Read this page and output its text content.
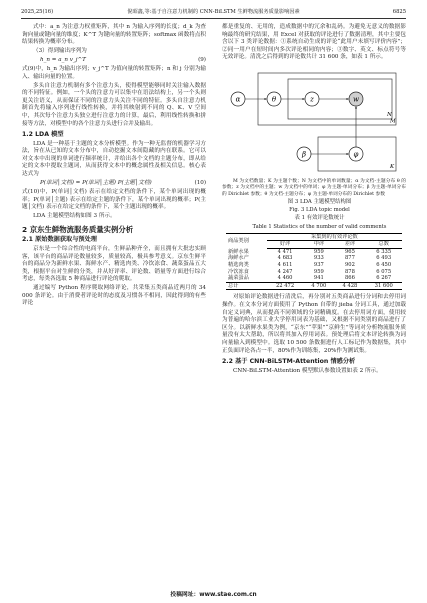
2025,25(16)	倪昭鑫,等:基于自注意力机制的 CNN-BiLSTM 生鲜物流服务质量影响因素	6825

式中：a_n 为注意力权重矩阵，其中 n 为输入序列的长度；d_k 为查询向量或键向量的维度；K^T 为键向量的转置矩阵；softmax 函数将点积结果转换为概率分布。

（3）得到输出序列为

h_n = a_n v_j^T	(9)

式(9)中，h_n 为输出序列；v_j^T 为值向量的转置矩阵；n 和 j 分别为输入、输出向量的位置。

多头自注意力机制有多个注意力头，使得模型能够同时关注输入数据的不同特征。例如，一个头的注意力可以集中在语法结构上，另一个头则更关注语义，从而保证不同的注意力头关注不同的特征。多头自注意力机制首先将输入序列进行线性转换，并将其映射到不同的 Q、K、V 空间中，其次每个注意力头独立进行注意力的计算，最后，利用线性转换和拼接等方法，对模型中的各个注意力头进行合并及输出。

1.2 LDA 模型

LDA 是一种基于主题的文本分析模型。作为一种无监督的机器学习方法，旨在从已知的文本分布中，自动挖掘文本间隐藏的内在联系。它可以对文本中出现的单词进行频率统计，并给出各个文档的主题分布，即从给定的文本中提取主题词，从而获得文本中的概念属性及相关信息。核心表达式为

P(单词│文档) = P(单词│主题) P(主题│文档)	(10)

式(10)中，P(单词│文档) 表示在给定文档的条件下，某个单词出现的概率；P(单词│主题) 表示在给定主题的条件下，某个单词出现的概率；P(主题│文档) 表示在给定文档的条件下，某个主题出现的概率。

LDA 主题模型结构如图 3 所示。

2 京东生鲜物流服务质量实例分析
2.1 原始数据获取与预处理

京东是一个综合性的电商平台，生鲜品种齐全，而且拥有大批忠实顾客，该平台的商品评论数量较多，质量较高，极具参考意义。京东生鲜平台的商品分为新鲜水果、海鲜水产、精选肉类、冷饮冻食、蔬菜蛋品五大类，根据平台对生鲜的分类，并从好评率、评论数、销量等方面进行综合考虑，每类各选取 5 种商品进行评论的爬取。

通过编写 Python 程序爬取网络评论，共采集五类商品近两月的 34 000 条评论。由于消费者评论时的态度及习惯各不相同，因此得到的有些评论

都是重复的、无用的，造成数据中的冗余和乱码。为避免无意义的数据影响最终的研究结果，用 Excel 对获取的评论进行了数据清理，其中主要包含以下 3 类评论数据：①系统自动生成的评论“此用户未填写评价内容”；②同一用户在短时间内多次评论相同的内容；③数字、英文、标点符号等无效评论。清洗之后得到的评论数共计 31 600 条，如表 1 所示。

α	θ	z	w
φ
β
N
M
K

M 为文档数量；K 为主题个数；N 为文档中的单词数量；α 为文档-主题分布 θ 的参数；z 为文档中的主题；w 为文档中的单词；φ 为主题-单词分布；β 为主题-单词分布的 Dirichlet 参数；θ 为文档-主题分布；φ 为主题-单词分布的 Dirichlet 参数

图 3 LDA 主题模型结构图

Fig. 3 LDA topic model

表 1 有效评论数统计

Table 1 Statistics of the number of valid comments

商品类别	采集到的有效评论数			
	好评	中评	差评	总数
新鲜水果	4 471	959	965	6 335
海鲜水产	4 683	933	877	6 493
精选肉类	4 611	937	902	6 450
冷饮冻食	4 247	959	878	6 075
蔬菜蛋品	4 460	941	866	6 267
总计	22 472	4 700	4 428	31 600

对原始评论数据进行清洗后，再分别对五类商品进行分词和去停用词操作。在文本分词方面使用了 Python 自带的 jieba 分词工具，通过加载自定义词典，从而提高不同领域的分词精确度。在去停用词方面，使用较为普遍的哈尔滨工业大学停用词表为基础，又根据不同类别的商品进行了区分。以新鲜水果类为例，“京东”“苹果”“京鲜生”等词对分析物流服务质量没有太大帮助，所以将其加入停用词表。预处理后将文本评论转换为词向量输入到模型中。选取 10 500 条数据进行人工标记作为数据集，其中正负面评论各占一半，80%作为训练集，20%作为测试集。

2.2 基于 CNN-BiLSTM-Attention 情感分析

CNN-BiLSTM-Attention 模型默认参数设置如表 2 所示。

投稿网址：www.stae.com.cn
